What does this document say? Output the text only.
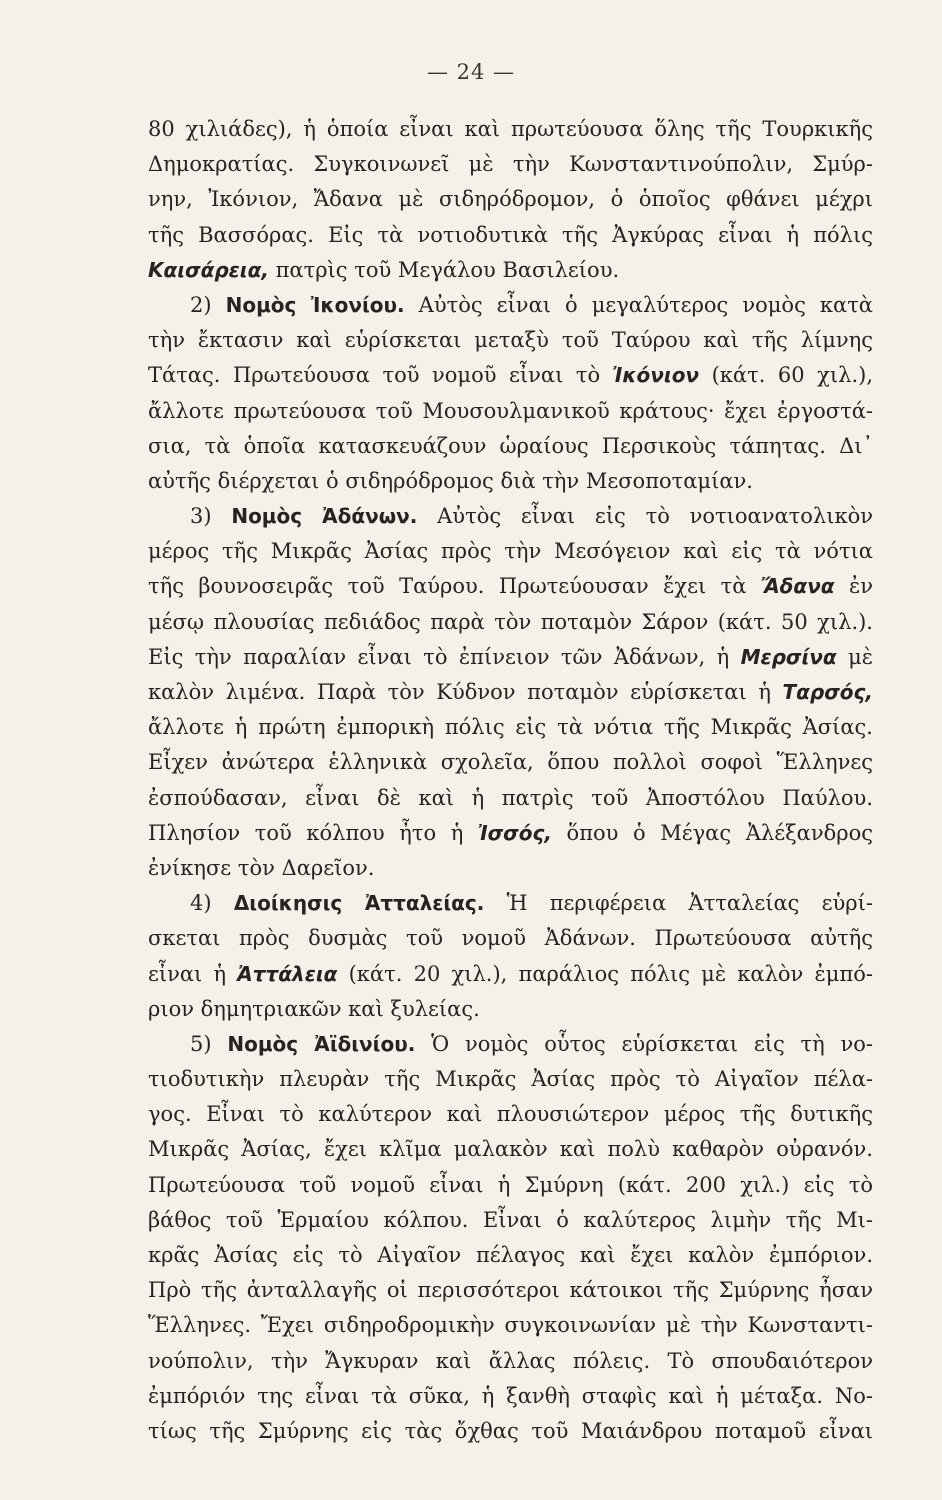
— 24 —
80 χιλιάδες), ἡ ὁποία εἶναι καὶ πρωτεύουσα ὅλης τῆς Τουρκικῆς
Δημοκρατίας. Συγκοινωνεῖ μὲ τὴν Κωνσταντινούπολιν, Σμύρ-
νην, Ἰκόνιον, Ἄδανα μὲ σιδηρόδρομον, ὁ ὁποῖος φθάνει μέχρι
τῆς Βασσόρας. Εἰς τὰ νοτιοδυτικὰ τῆς Ἀγκύρας εἶναι ἡ πόλις
Καισάρεια, πατρὶς τοῦ Μεγάλου Βασιλείου.
2) Νομὸς Ἰκονίου. Αὐτὸς εἶναι ὁ μεγαλύτερος νομὸς κατὰ
τὴν ἔκτασιν καὶ εὑρίσκεται μεταξὺ τοῦ Ταύρου καὶ τῆς λίμνης
Τάτας. Πρωτεύουσα τοῦ νομοῦ εἶναι τὸ Ἰκόνιον (κάτ. 60 χιλ.),
ἄλλοτε πρωτεύουσα τοῦ Μουσουλμανικοῦ κράτους· ἔχει ἐργοστά-
σια, τὰ ὁποῖα κατασκευάζουν ὡραίους Περσικοὺς τάπητας. Δι᾿
αὐτῆς διέρχεται ὁ σιδηρόδρομος διὰ τὴν Μεσοποταμίαν.
3) Νομὸς Ἀδάνων. Αὐτὸς εἶναι εἰς τὸ νοτιοανατολικὸν
μέρος τῆς Μικρᾶς Ἀσίας πρὸς τὴν Μεσόγειον καὶ εἰς τὰ νότια
τῆς βουνοσειρᾶς τοῦ Ταύρου. Πρωτεύουσαν ἔχει τὰ Ἄδανα ἐν
μέσῳ πλουσίας πεδιάδος παρὰ τὸν ποταμὸν Σάρον (κάτ. 50 χιλ.).
Εἰς τὴν παραλίαν εἶναι τὸ ἐπίνειον τῶν Ἀδάνων, ἡ Μερσίνα μὲ
καλὸν λιμένα. Παρὰ τὸν Κύδνον ποταμὸν εὑρίσκεται ἡ Ταρσός,
ἄλλοτε ἡ πρώτη ἐμπορικὴ πόλις εἰς τὰ νότια τῆς Μικρᾶς Ἀσίας.
Εἶχεν ἀνώτερα ἑλληνικὰ σχολεῖα, ὅπου πολλοὶ σοφοὶ Ἕλληνες
ἐσπούδασαν, εἶναι δὲ καὶ ἡ πατρὶς τοῦ Ἀποστόλου Παύλου.
Πλησίον τοῦ κόλπου ἦτο ἡ Ἰσσός, ὅπου ὁ Μέγας Ἀλέξανδρος
ἐνίκησε τὸν Δαρεῖον.
4) Διοίκησις Ἀτταλείας. Ἡ περιφέρεια Ἀτταλείας εὑρί-
σκεται πρὸς δυσμὰς τοῦ νομοῦ Ἀδάνων. Πρωτεύουσα αὐτῆς
εἶναι ἡ Ἀττάλεια (κάτ. 20 χιλ.), παράλιος πόλις μὲ καλὸν ἐμπό-
ριον δημητριακῶν καὶ ξυλείας.
5) Νομὸς Ἀϊδινίου. Ὁ νομὸς οὗτος εὑρίσκεται εἰς τὴ νο-
τιοδυτικὴν πλευρὰν τῆς Μικρᾶς Ἀσίας πρὸς τὸ Αἰγαῖον πέλα-
γος. Εἶναι τὸ καλύτερον καὶ πλουσιώτερον μέρος τῆς δυτικῆς
Μικρᾶς Ἀσίας, ἔχει κλῖμα μαλακὸν καὶ πολὺ καθαρὸν οὐρανόν.
Πρωτεύουσα τοῦ νομοῦ εἶναι ἡ Σμύρνη (κάτ. 200 χιλ.) εἰς τὸ
βάθος τοῦ Ἑρμαίου κόλπου. Εἶναι ὁ καλύτερος λιμὴν τῆς Μι-
κρᾶς Ἀσίας εἰς τὸ Αἰγαῖον πέλαγος καὶ ἔχει καλὸν ἐμπόριον.
Πρὸ τῆς ἀνταλλαγῆς οἱ περισσότεροι κάτοικοι τῆς Σμύρνης ἦσαν
Ἕλληνες. Ἔχει σιδηροδρομικὴν συγκοινωνίαν μὲ τὴν Κωνσταντι-
νούπολιν, τὴν Ἄγκυραν καὶ ἄλλας πόλεις. Τὸ σπουδαιότερον
ἐμπόριόν της εἶναι τὰ σῦκα, ἡ ξανθὴ σταφὶς καὶ ἡ μέταξα. Νο-
τίως τῆς Σμύρνης εἰς τὰς ὄχθας τοῦ Μαιάνδρου ποταμοῦ εἶναι
